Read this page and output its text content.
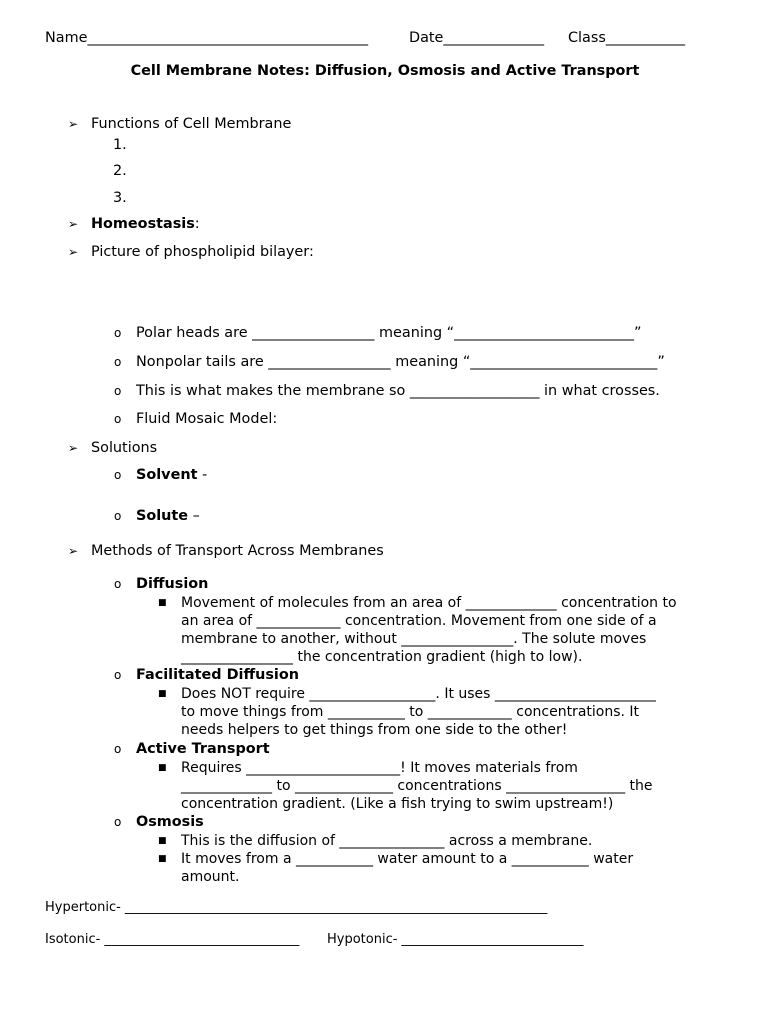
Name_______________________________________	Date______________ Class___________
Cell Membrane Notes: Diffusion, Osmosis and Active Transport
➢ Functions of Cell Membrane
1.
2.
3.
➢ Homeostasis:
➢ Picture of phospholipid bilayer:
o Polar heads are _________________ meaning “_________________________”
o Nonpolar tails are _________________ meaning “__________________________”
o This is what makes the membrane so __________________ in what crosses.
o Fluid Mosaic Model:
➢ Solutions
o Solvent -
o Solute –
➢ Methods of Transport Across Membranes
o Diffusion
■ Movement of molecules from an area of _____________ concentration to
an area of ____________ concentration. Movement from one side of a
membrane to another, without ________________. The solute moves
________________ the concentration gradient (high to low).
o Facilitated Diffusion
■ Does NOT require __________________. It uses _______________________
to move things from ___________ to ____________ concentrations. It
needs helpers to get things from one side to the other!
o Active Transport
■ Requires ______________________! It moves materials from
_____________ to ______________ concentrations _________________ the
concentration gradient. (Like a fish trying to swim upstream!)
o Osmosis
■ This is the diffusion of _______________ across a membrane.
■ It moves from a ___________ water amount to a ___________ water
amount.
Hypertonic- _________________________________________________________________
Isotonic- ______________________________ Hypotonic- ____________________________
